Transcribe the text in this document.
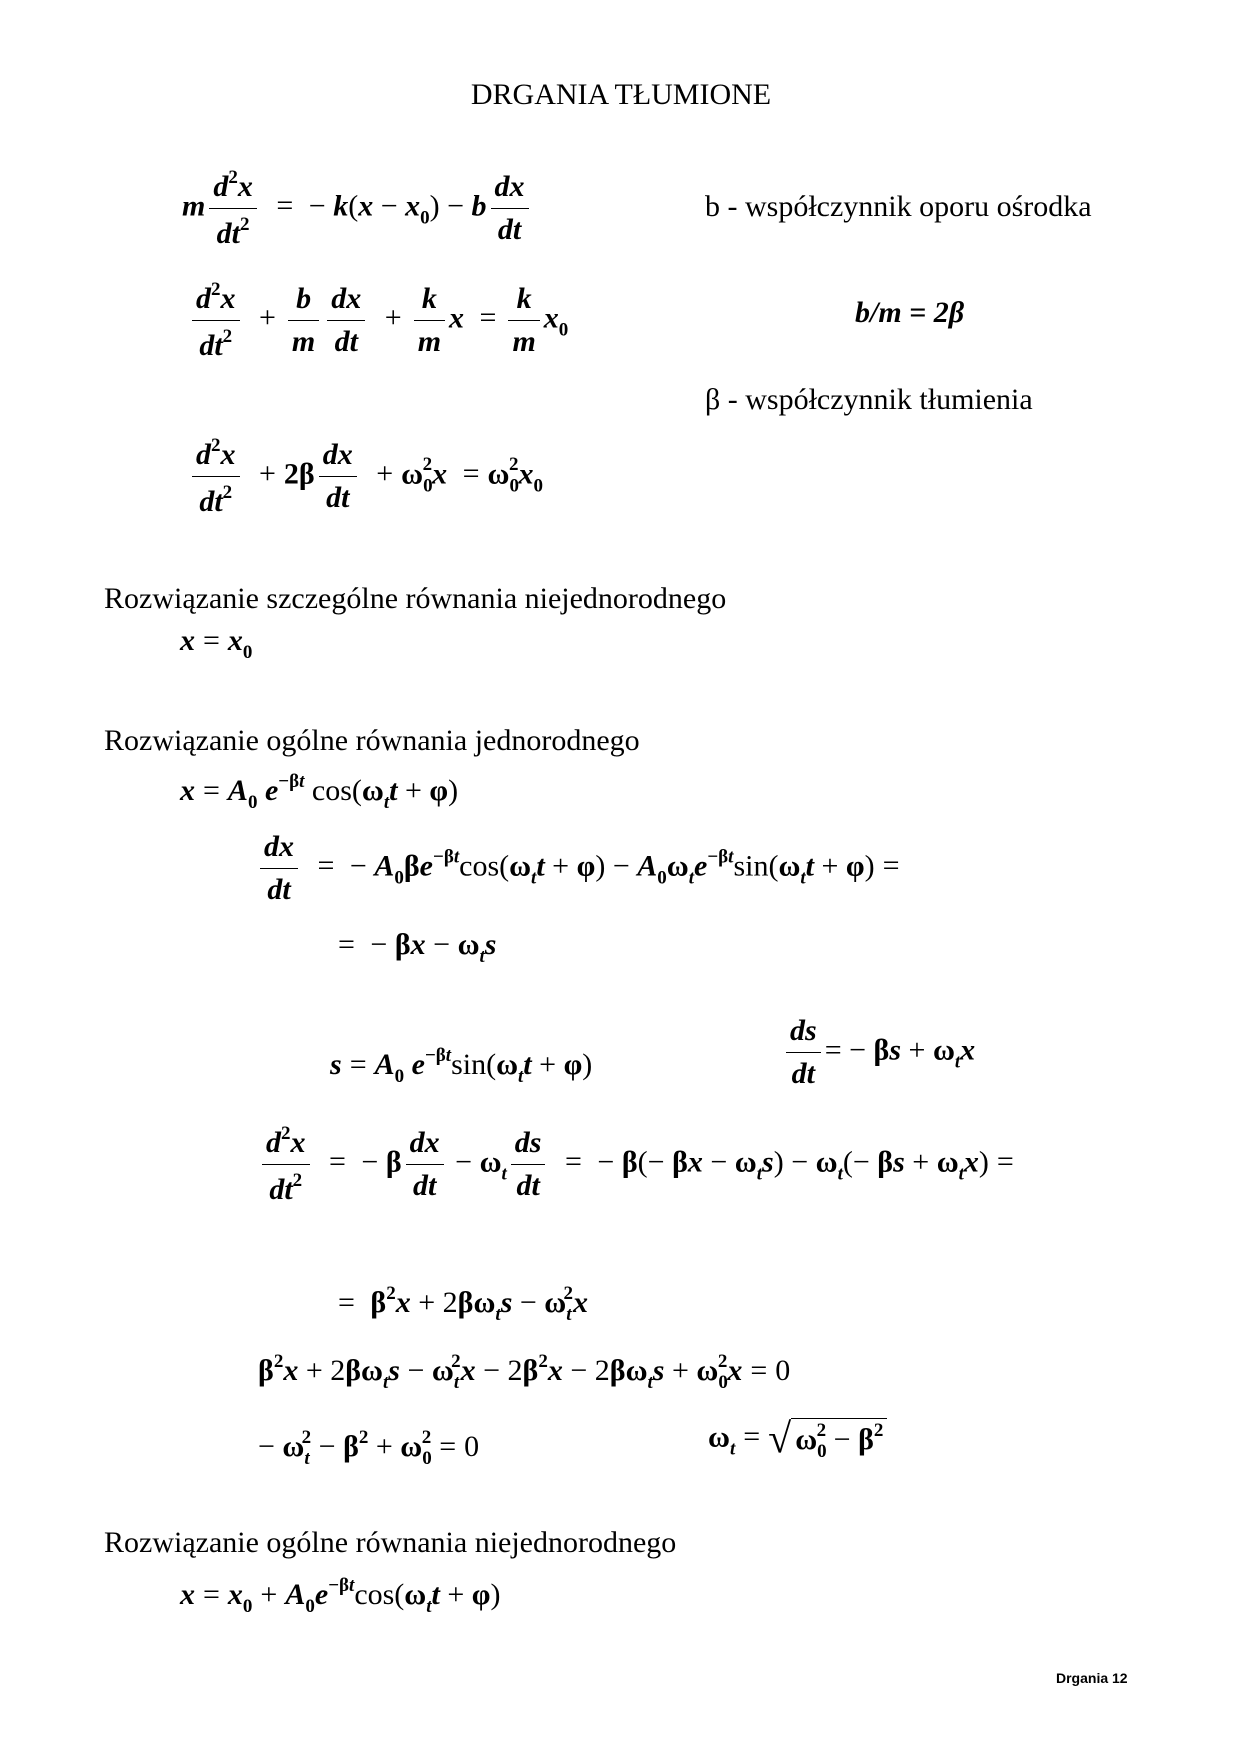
DRGANIA TŁUMIONE
m $\frac{d^2x}{dt^2}$ = − $k(x - x_0) - b \frac{dx}{dt}$	b - współczynnik oporu ośrodka
$\frac{d^2x}{dt^2} + \frac{b}{m} \frac{dx}{dt} + \frac{k}{m}$ $x = \frac{k}{m} x_0$
b/m = 2β
β - współczynnik tłumienia
$\frac{d^2x}{dt^2} + 2\beta \frac{dx}{dt} + \omega_0^2x = \omega_0^2x_0$
Rozwiązanie szczególne równania niejednorodnego
$x = x_0$
Rozwiązanie ogólne równania jednorodnego
$x = A_0$ $e^{-\beta t}$ $\cos(\omega_tt + \varphi)$
$\frac{dx}{dt}$ = − $A_0\beta e^{-\beta t}\cos(\omega_tt + \varphi) - A_0\omega_te^{-\beta t}\sin(\omega_tt + \varphi)$ =
= − $\beta x - \omega_ts$
$s = A_0$ $e^{-\beta t}\sin(\omega_tt + \varphi)$	$\frac{ds}{dt}$ = − $\beta s + \omega_tx$
$\frac{d^2x}{dt^2}$ = − β $\frac{dx}{dt} - \omega_t \frac{ds}{dt}$ = − $\beta(- \beta x - \omega_ts) - \omega_t(- \beta s + \omega_tx)$ =
= $\beta^2x + 2\beta\omega_ts - \omega_t^2x$
$\beta^2x + 2\beta\omega_ts - \omega_t^2x - 2\beta^2x - 2\beta\omega_ts + \omega_0^2x = 0$
− $\omega_t^2 - \beta^2 + \omega_0^2 = 0$	$\omega_t$ = √ $\omega_0^2 - \beta^2$
Rozwiązanie ogólne równania niejednorodnego
$x = x_0 + A_0e^{-\beta t}\cos(\omega_tt + \varphi)$
Drgania 12
